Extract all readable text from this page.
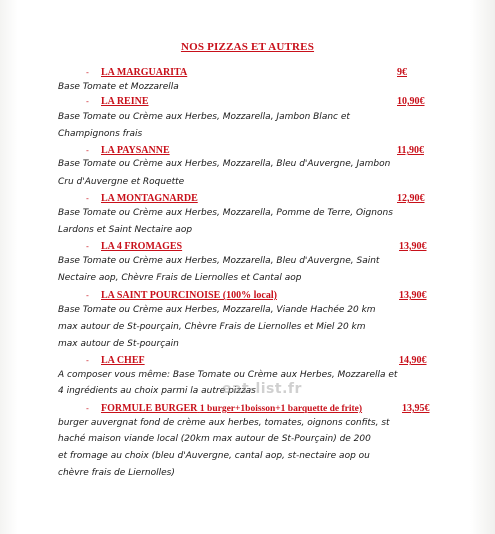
NOS PIZZAS ET AUTRES
- LA MARGUARITA	9€
Base Tomate et Mozzarella
- LA REINE	10,90€
Base Tomate ou Crème aux Herbes, Mozzarella, Jambon Blanc et
Champignons frais
- LA PAYSANNE	11,90€
Base Tomate ou Crème aux Herbes, Mozzarella, Bleu d'Auvergne, Jambon
Cru d'Auvergne et Roquette
- LA MONTAGNARDE	12,90€
Base Tomate ou Crème aux Herbes, Mozzarella, Pomme de Terre, Oignons
Lardons et Saint Nectaire aop
- LA 4 FROMAGES	13,90€
Base Tomate ou Crème aux Herbes, Mozzarella, Bleu d'Auvergne, Saint
Nectaire aop, Chèvre Frais de Liernolles et Cantal aop
- LA SAINT POURCINOISE (100% local)	13,90€
Base Tomate ou Crème aux Herbes, Mozzarella, Viande Hachée 20 km
max autour de St-pourçain, Chèvre Frais de Liernolles et Miel 20 km
max autour de St-pourçain
- LA CHEF	14,90€
A composer vous même: Base Tomate ou Crème aux Herbes, Mozzarella et
4 ingrédients au choix parmi la autre pizzas
- FORMULE BURGER 1 burger+1boisson+1 barquette de frite)	13,95€
burger auvergnat fond de crème aux herbes, tomates, oignons confits, st
haché maison viande local (20km max autour de St-Pourçain) de 200
et fromage au choix (bleu d'Auvergne, cantal aop, st-nectaire aop ou
chèvre frais de Liernolles)
eat-list.fr
